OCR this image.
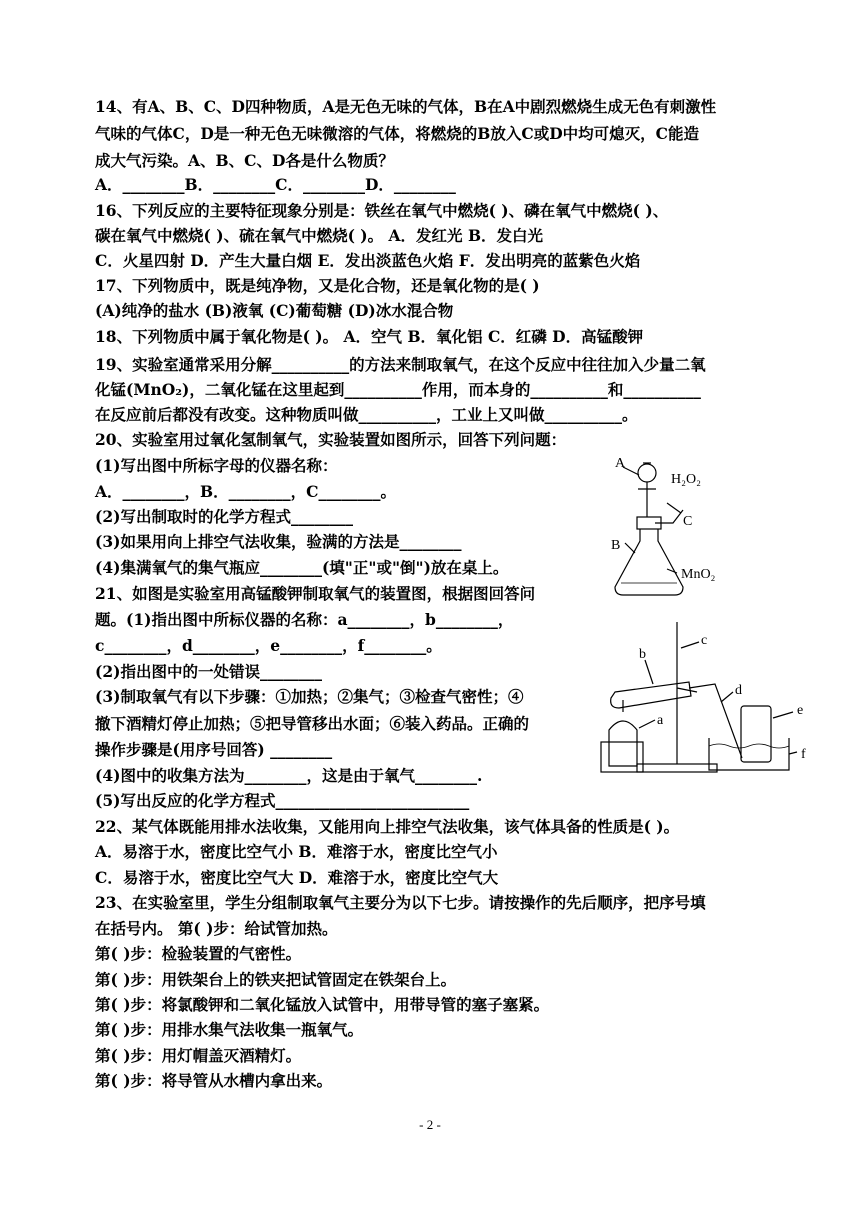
14、有A、B、C、D四种物质，A是无色无味的气体，B在A中剧烈燃烧生成无色有刺激性
气味的气体C，D是一种无色无味微溶的气体，将燃烧的B放入C或D中均可熄灭，C能造
成大气污染。A、B、C、D各是什么物质？
A．________B．________C．________D．________
16、下列反应的主要特征现象分别是：铁丝在氧气中燃烧( )、磷在氧气中燃烧( )、
碳在氧气中燃烧( )、硫在氧气中燃烧( )。 A．发红光 B．发白光
C．火星四射 D．产生大量白烟 E．发出淡蓝色火焰 F．发出明亮的蓝紫色火焰
17、下列物质中，既是纯净物，又是化合物，还是氧化物的是( )
(A)纯净的盐水 (B)液氧 (C)葡萄糖 (D)冰水混合物
18、下列物质中属于氧化物是( )。 A．空气 B．氧化铝 C．红磷 D．高锰酸钾
19、实验室通常采用分解__________的方法来制取氧气，在这个反应中往往加入少量二氧
化锰(MnO₂)，二氧化锰在这里起到__________作用，而本身的__________和__________
在反应前后都没有改变。这种物质叫做__________，工业上又叫做__________。
20、实验室用过氧化氢制氧气，实验装置如图所示，回答下列问题：
(1)写出图中所标字母的仪器名称：
A．________，B．________，C________。
(2)写出制取时的化学方程式________
(3)如果用向上排空气法收集，验满的方法是________
(4)集满氧气的集气瓶应________(填"正"或"倒")放在桌上。
21、如图是实验室用高锰酸钾制取氧气的装置图，根据图回答问
题。(1)指出图中所标仪器的名称：a________，b________，
c________，d________，e________，f________。
(2)指出图中的一处错误________
(3)制取氧气有以下步骤：①加热；②集气；③检查气密性；④
撤下酒精灯停止加热；⑤把导管移出水面；⑥装入药品。正确的
操作步骤是(用序号回答) ________
(4)图中的收集方法为________，这是由于氧气________.
(5)写出反应的化学方程式_________________________
22、某气体既能用排水法收集，又能用向上排空气法收集，该气体具备的性质是( )。
A．易溶于水，密度比空气小 B．难溶于水，密度比空气小
C．易溶于水，密度比空气大 D．难溶于水，密度比空气大
23、在实验室里，学生分组制取氧气主要分为以下七步。请按操作的先后顺序，把序号填
在括号内。 第( )步：给试管加热。
第( )步：检验装置的气密性。
第( )步：用铁架台上的铁夹把试管固定在铁架台上。
第( )步：将氯酸钾和二氧化锰放入试管中，用带导管的塞子塞紧。
第( )步：用排水集气法收集一瓶氧气。
第( )步：用灯帽盖灭酒精灯。
第( )步：将导管从水槽内拿出来。
A
H₂O₂
C
B
MnO₂
c
b
d
e
f
a
- 2 -
